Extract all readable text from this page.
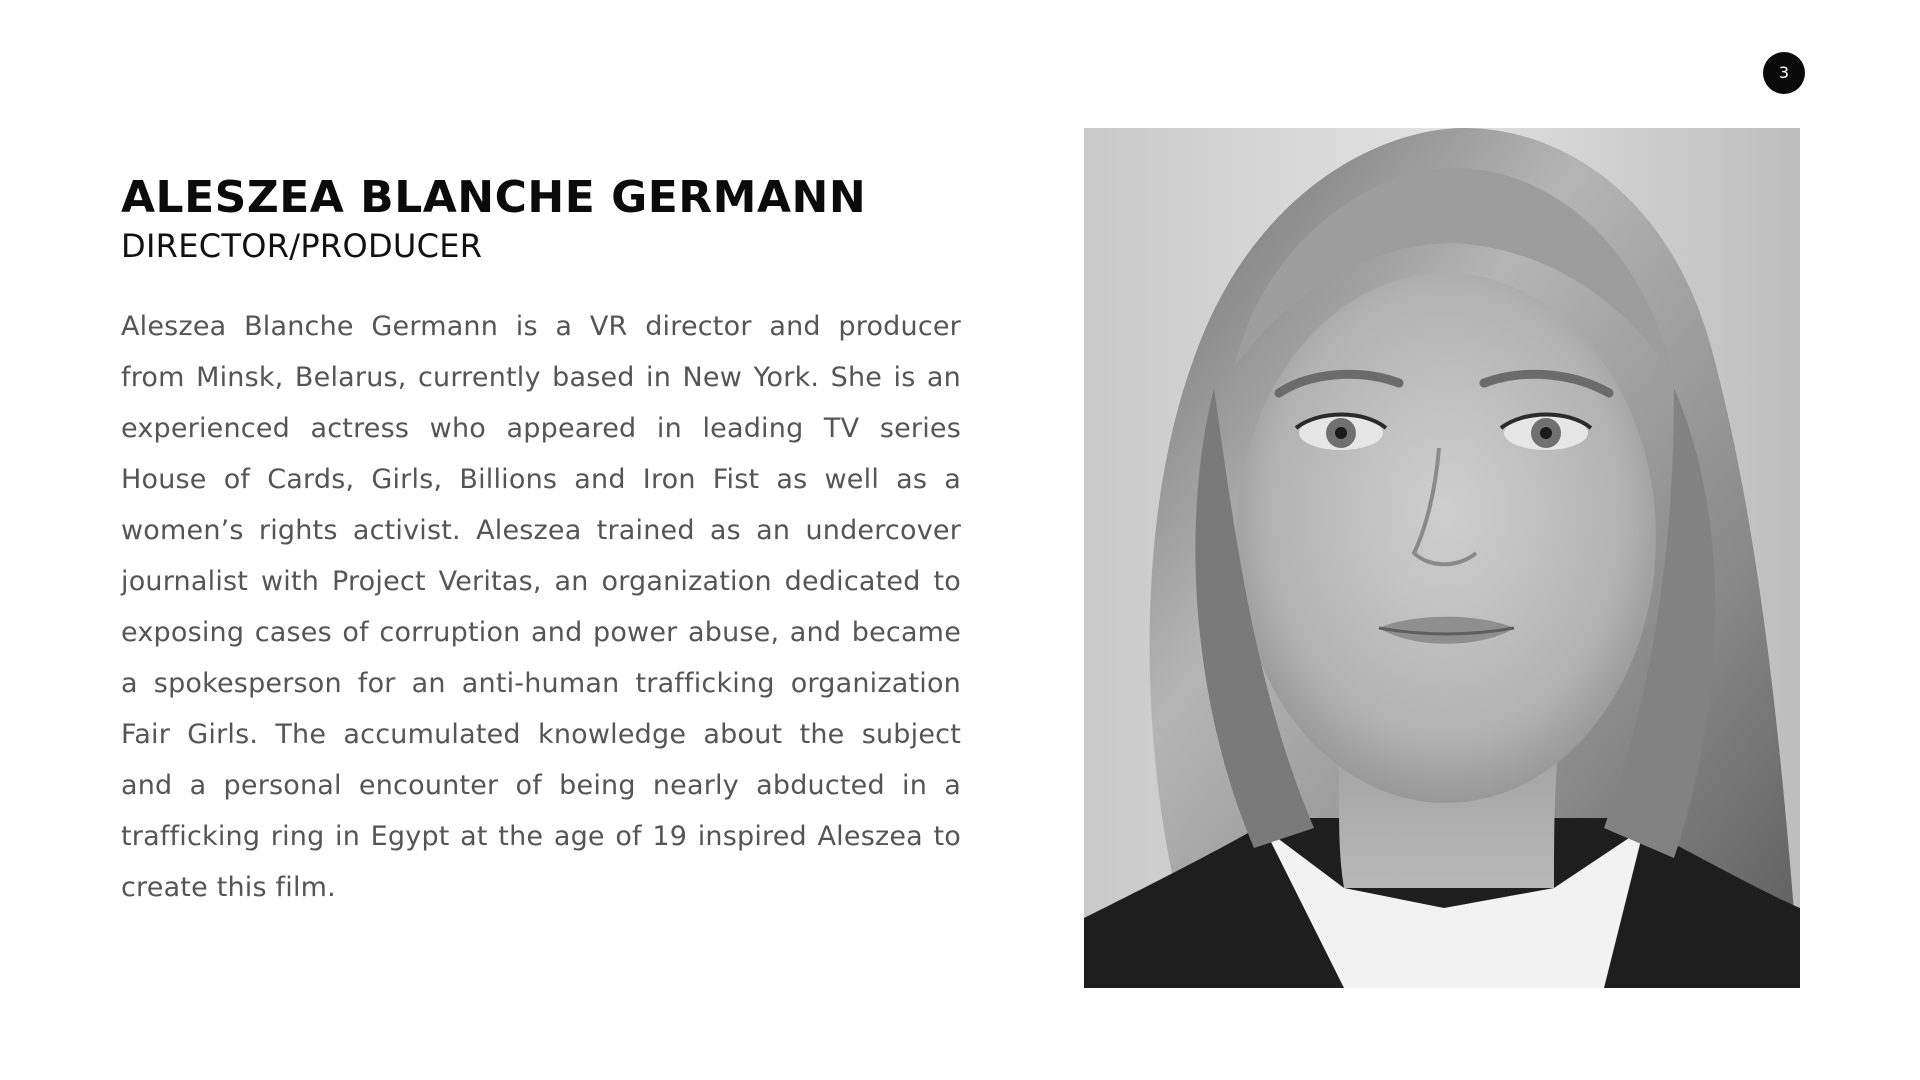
3
ALESZEA BLANCHE GERMANN
DIRECTOR/PRODUCER

Aleszea Blanche Germann is a VR director and producer from Minsk, Belarus, currently based in New York. She is an experienced actress who appeared in leading TV series House of Cards, Girls, Billions and Iron Fist as well as a women’s rights activist. Aleszea trained as an undercover journalist with Project Veritas, an organization dedicated to exposing cases of corruption and power abuse, and became a spokesperson for an anti-human trafficking organization Fair Girls. The accumulated knowledge about the subject and a personal encounter of being nearly abducted in a trafficking ring in Egypt at the age of 19 inspired Aleszea to create this film.
